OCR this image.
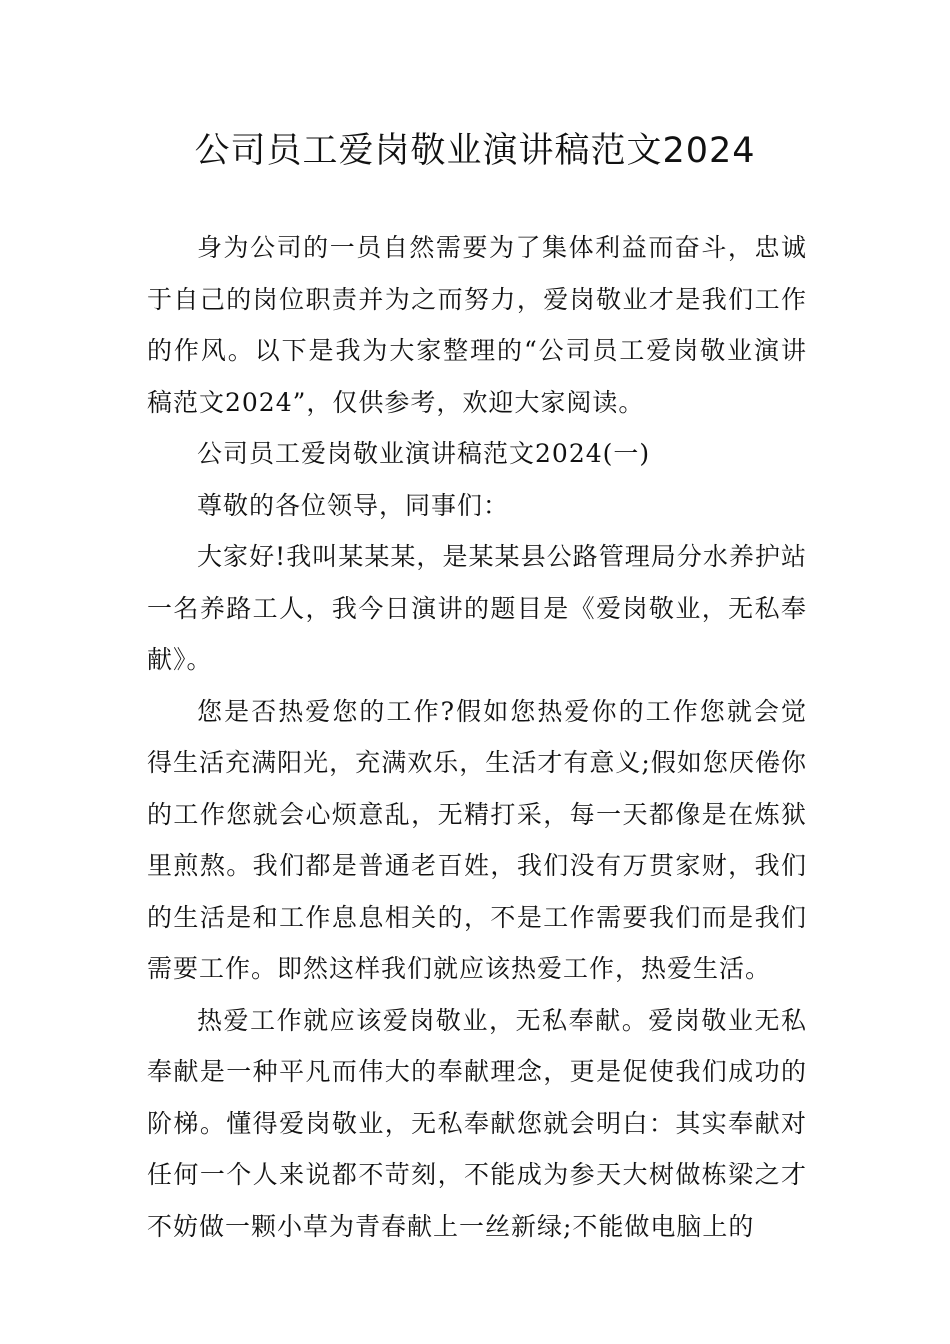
公司员工爱岗敬业演讲稿范文2024

身为公司的一员自然需要为了集体利益而奋斗，忠诚于自己的岗位职责并为之而努力，爱岗敬业才是我们工作的作风。以下是我为大家整理的“公司员工爱岗敬业演讲稿范文2024”，仅供参考，欢迎大家阅读。

公司员工爱岗敬业演讲稿范文2024(一)

尊敬的各位领导，同事们：

大家好!我叫某某某，是某某县公路管理局分水养护站一名养路工人，我今日演讲的题目是《爱岗敬业，无私奉献》。

您是否热爱您的工作?假如您热爱你的工作您就会觉得生活充满阳光，充满欢乐，生活才有意义;假如您厌倦你的工作您就会心烦意乱，无精打采，每一天都像是在炼狱里煎熬。我们都是普通老百姓，我们没有万贯家财，我们的生活是和工作息息相关的，不是工作需要我们而是我们需要工作。即然这样我们就应该热爱工作，热爱生活。

热爱工作就应该爱岗敬业，无私奉献。爱岗敬业无私奉献是一种平凡而伟大的奉献理念，更是促使我们成功的阶梯。懂得爱岗敬业，无私奉献您就会明白：其实奉献对任何一个人来说都不苛刻，不能成为参天大树做栋梁之才不妨做一颗小草为青春献上一丝新绿;不能做电脑上的
